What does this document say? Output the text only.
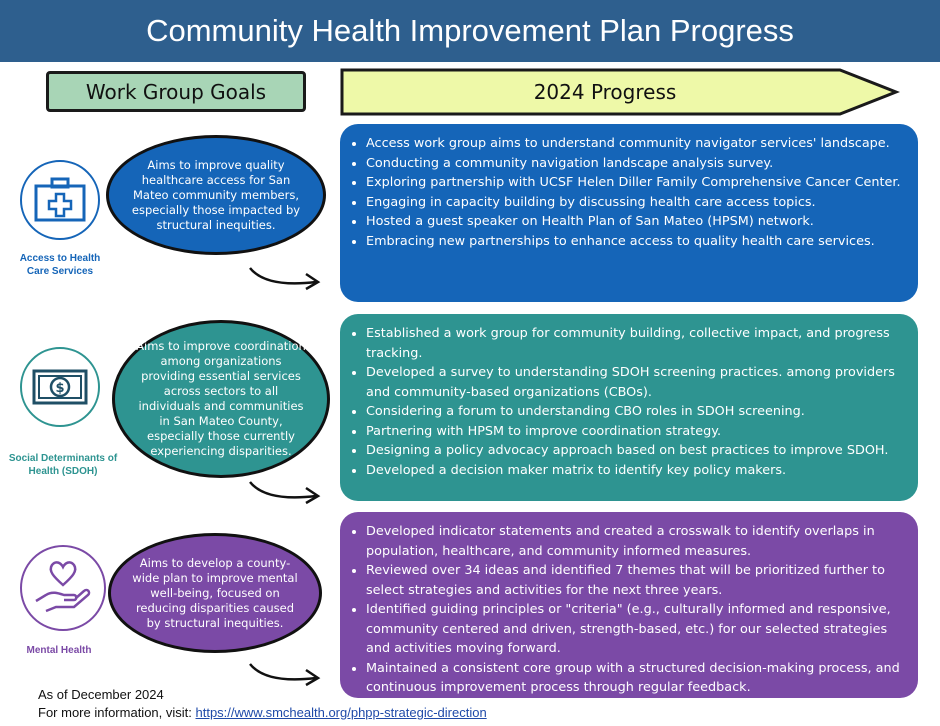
Community Health Improvement Plan Progress
Work Group Goals	2024 Progress
Access to Health Care Services
Aims to improve quality healthcare access for San Mateo community members, especially those impacted by structural inequities.
• Access work group aims to understand community navigator services' landscape.
• Conducting a community navigation landscape analysis survey.
• Exploring partnership with UCSF Helen Diller Family Comprehensive Cancer Center.
• Engaging in capacity building by discussing health care access topics.
• Hosted a guest speaker on Health Plan of San Mateo (HPSM) network.
• Embracing new partnerships to enhance access to quality health care services.
$
Social Determinants of Health (SDOH)
Aims to improve coordination among organizations providing essential services across sectors to all individuals and communities in San Mateo County, especially those currently experiencing disparities.
• Established a work group for community building, collective impact, and progress tracking.
• Developed a survey to understanding SDOH screening practices. among providers and community-based organizations (CBOs).
• Considering a forum to understanding CBO roles in SDOH screening.
• Partnering with HPSM to improve coordination strategy.
• Designing a policy advocacy approach based on best practices to improve SDOH.
• Developed a decision maker matrix to identify key policy makers.
Mental Health
Aims to develop a county-wide plan to improve mental well-being, focused on reducing disparities caused by structural inequities.
• Developed indicator statements and created a crosswalk to identify overlaps in population, healthcare, and community informed measures.
• Reviewed over 34 ideas and identified 7 themes that will be prioritized further to select strategies and activities for the next three years.
• Identified guiding principles or "criteria" (e.g., culturally informed and responsive, community centered and driven, strength-based, etc.) for our selected strategies and activities moving forward.
• Maintained a consistent core group with a structured decision-making process, and continuous improvement process through regular feedback.
As of December 2024
For more information, visit: https://www.smchealth.org/phpp-strategic-direction
